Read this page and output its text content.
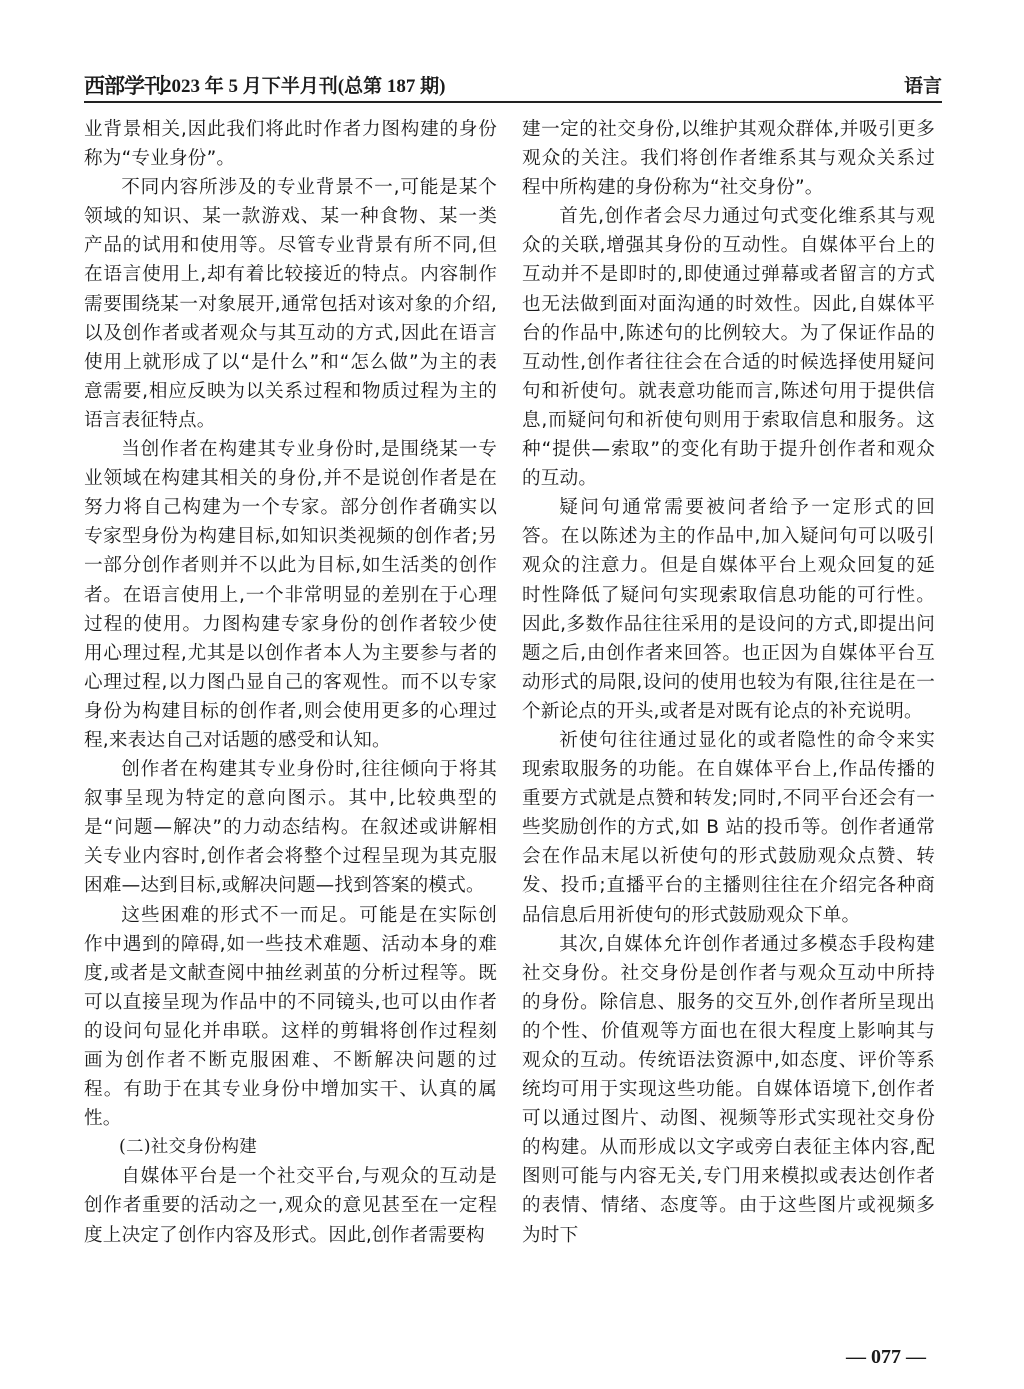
西部学刊
2023 年 5 月下半月刊(总第 187 期)	语言

业背景相关,因此我们将此时作者力图构建的身份称为“专业身份”。

不同内容所涉及的专业背景不一,可能是某个领域的知识、某一款游戏、某一种食物、某一类产品的试用和使用等。尽管专业背景有所不同,但在语言使用上,却有着比较接近的特点。内容制作需要围绕某一对象展开,通常包括对该对象的介绍,以及创作者或者观众与其互动的方式,因此在语言使用上就形成了以“是什么”和“怎么做”为主的表意需要,相应反映为以关系过程和物质过程为主的语言表征特点。

当创作者在构建其专业身份时,是围绕某一专业领域在构建其相关的身份,并不是说创作者是在努力将自己构建为一个专家。部分创作者确实以专家型身份为构建目标,如知识类视频的创作者;另一部分创作者则并不以此为目标,如生活类的创作者。在语言使用上,一个非常明显的差别在于心理过程的使用。力图构建专家身份的创作者较少使用心理过程,尤其是以创作者本人为主要参与者的心理过程,以力图凸显自己的客观性。而不以专家身份为构建目标的创作者,则会使用更多的心理过程,来表达自己对话题的感受和认知。

创作者在构建其专业身份时,往往倾向于将其叙事呈现为特定的意向图示。其中,比较典型的是“问题—解决”的力动态结构。在叙述或讲解相关专业内容时,创作者会将整个过程呈现为其克服困难—达到目标,或解决问题—找到答案的模式。

这些困难的形式不一而足。可能是在实际创作中遇到的障碍,如一些技术难题、活动本身的难度,或者是文献查阅中抽丝剥茧的分析过程等。既可以直接呈现为作品中的不同镜头,也可以由作者的设问句显化并串联。这样的剪辑将创作过程刻画为创作者不断克服困难、不断解决问题的过程。有助于在其专业身份中增加实干、认真的属性。

(二)社交身份构建

自媒体平台是一个社交平台,与观众的互动是创作者重要的活动之一,观众的意见甚至在一定程度上决定了创作内容及形式。因此,创作者需要构

建一定的社交身份,以维护其观众群体,并吸引更多观众的关注。我们将创作者维系其与观众关系过程中所构建的身份称为“社交身份”。

首先,创作者会尽力通过句式变化维系其与观众的关联,增强其身份的互动性。自媒体平台上的互动并不是即时的,即使通过弹幕或者留言的方式也无法做到面对面沟通的时效性。因此,自媒体平台的作品中,陈述句的比例较大。为了保证作品的互动性,创作者往往会在合适的时候选择使用疑问句和祈使句。就表意功能而言,陈述句用于提供信息,而疑问句和祈使句则用于索取信息和服务。这种“提供—索取”的变化有助于提升创作者和观众的互动。

疑问句通常需要被问者给予一定形式的回答。在以陈述为主的作品中,加入疑问句可以吸引观众的注意力。但是自媒体平台上观众回复的延时性降低了疑问句实现索取信息功能的可行性。因此,多数作品往往采用的是设问的方式,即提出问题之后,由创作者来回答。也正因为自媒体平台互动形式的局限,设问的使用也较为有限,往往是在一个新论点的开头,或者是对既有论点的补充说明。

祈使句往往通过显化的或者隐性的命令来实现索取服务的功能。在自媒体平台上,作品传播的重要方式就是点赞和转发;同时,不同平台还会有一些奖励创作的方式,如 B 站的投币等。创作者通常会在作品末尾以祈使句的形式鼓励观众点赞、转发、投币;直播平台的主播则往往在介绍完各种商品信息后用祈使句的形式鼓励观众下单。

其次,自媒体允许创作者通过多模态手段构建社交身份。社交身份是创作者与观众互动中所持的身份。除信息、服务的交互外,创作者所呈现出的个性、价值观等方面也在很大程度上影响其与观众的互动。传统语法资源中,如态度、评价等系统均可用于实现这些功能。自媒体语境下,创作者可以通过图片、动图、视频等形式实现社交身份的构建。从而形成以文字或旁白表征主体内容,配图则可能与内容无关,专门用来模拟或表达创作者的表情、情绪、态度等。由于这些图片或视频多为时下

— 077 —
